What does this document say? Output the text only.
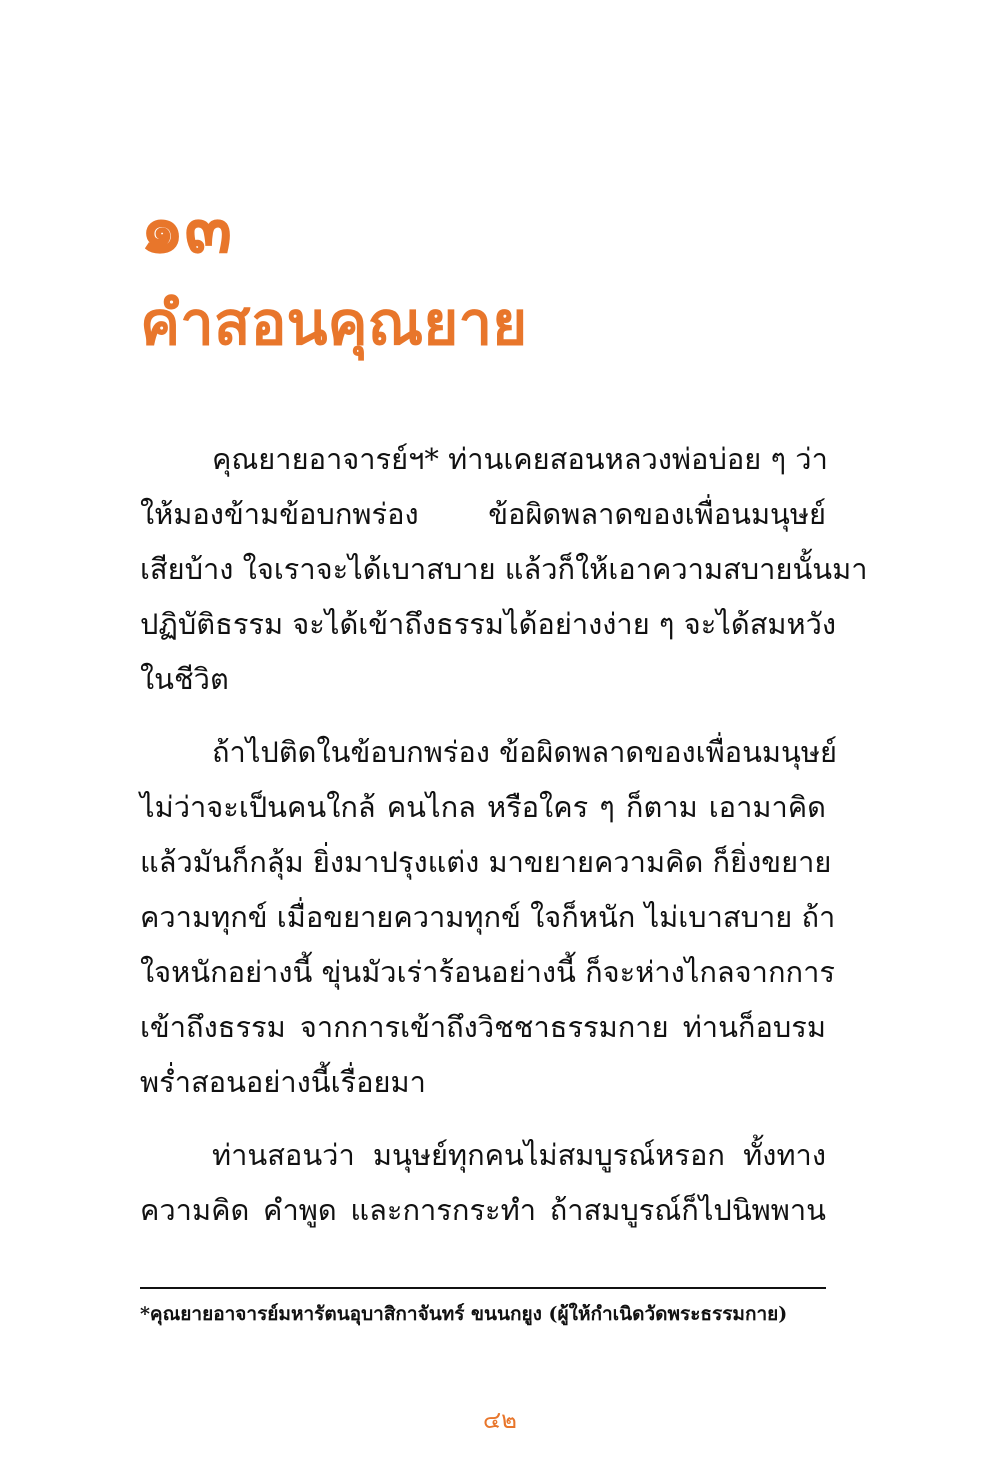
๑๓
คำสอนคุณยาย
คุณยายอาจารย์ฯ* ท่านเคยสอนหลวงพ่อบ่อย ๆ ว่า
ให้มองข้ามข้อบกพร่อง ข้อผิดพลาดของเพื่อนมนุษย์
เสียบ้าง ใจเราจะได้เบาสบาย แล้วก็ให้เอาความสบายนั้นมา
ปฏิบัติธรรม จะได้เข้าถึงธรรมได้อย่างง่าย ๆ จะได้สมหวัง
ในชีวิต
ถ้าไปติดในข้อบกพร่อง ข้อผิดพลาดของเพื่อนมนุษย์
ไม่ว่าจะเป็นคนใกล้ คนไกล หรือใคร ๆ ก็ตาม เอามาคิด
แล้วมันก็กลุ้ม ยิ่งมาปรุงแต่ง มาขยายความคิด ก็ยิ่งขยาย
ความทุกข์ เมื่อขยายความทุกข์ ใจก็หนัก ไม่เบาสบาย ถ้า
ใจหนักอย่างนี้ ขุ่นมัวเร่าร้อนอย่างนี้ ก็จะห่างไกลจากการ
เข้าถึงธรรม จากการเข้าถึงวิชชาธรรมกาย ท่านก็อบรม
พร่ำสอนอย่างนี้เรื่อยมา
ท่านสอนว่า มนุษย์ทุกคนไม่สมบูรณ์หรอก ทั้งทาง
ความคิด คำพูด และการกระทำ ถ้าสมบูรณ์ก็ไปนิพพาน
*คุณยายอาจารย์มหารัตนอุบาสิกาจันทร์ ขนนกยูง (ผู้ให้กำเนิดวัดพระธรรมกาย)
๔๒
